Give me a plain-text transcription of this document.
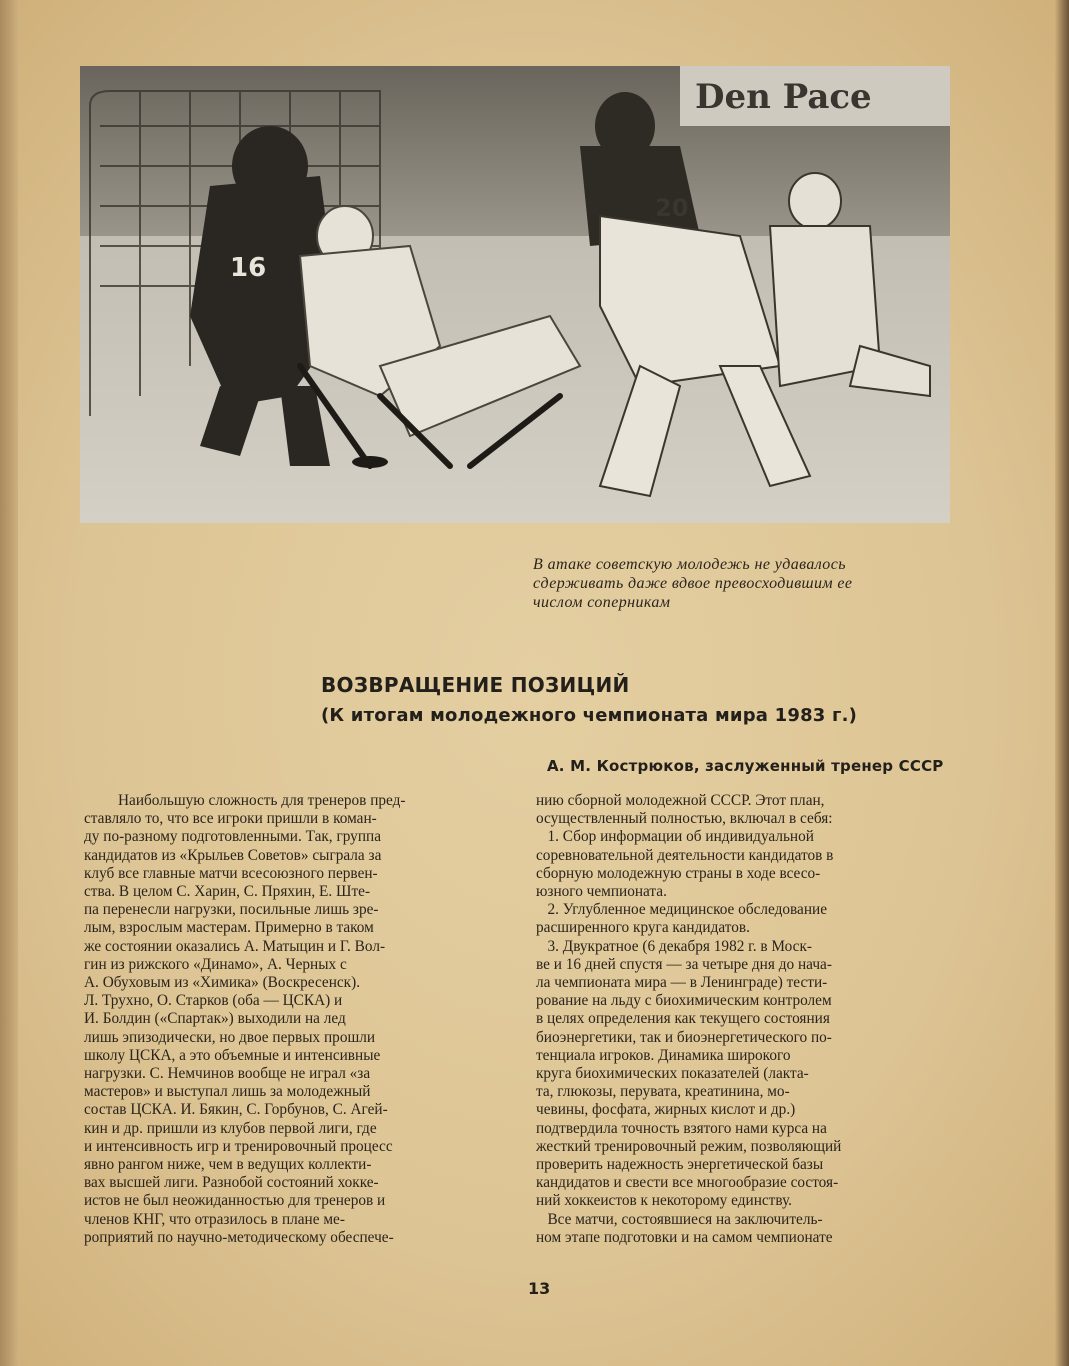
Den Pace
16
20
В атаке советскую молодежь не удавалось
сдерживать даже вдвое превосходившим ее
числом соперникам
ВОЗВРАЩЕНИЕ ПОЗИЦИЙ
(К итогам молодежного чемпионата мира 1983 г.)
А. М. Кострюков, заслуженный тренер СССР
Наибольшую сложность для тренеров пред-
ставляло то, что все игроки пришли в коман-
ду по-разному подготовленными. Так, группа
кандидатов из «Крыльев Советов» сыграла за
клуб все главные матчи всесоюзного первен-
ства. В целом С. Харин, С. Пряхин, Е. Ште-
па перенесли нагрузки, посильные лишь зре-
лым, взрослым мастерам. Примерно в таком
же состоянии оказались А. Матыцин и Г. Вол-
гин из рижского «Динамо», А. Черных с
А. Обуховым из «Химика» (Воскресенск).
Л. Трухно, О. Старков (оба — ЦСКА) и
И. Болдин («Спартак») выходили на лед
лишь эпизодически, но двое первых прошли
школу ЦСКА, а это объемные и интенсивные
нагрузки. С. Немчинов вообще не играл «за
мастеров» и выступал лишь за молодежный
состав ЦСКА. И. Бякин, С. Горбунов, С. Агей-
кин и др. пришли из клубов первой лиги, где
и интенсивность игр и тренировочный процесс
явно рангом ниже, чем в ведущих коллекти-
вах высшей лиги. Разнобой состояний хокке-
истов не был неожиданностью для тренеров и
членов КНГ, что отразилось в плане ме-
роприятий по научно-методическому обеспече-
нию сборной молодежной СССР. Этот план,
осуществленный полностью, включал в себя:
1. Сбор информации об индивидуальной
соревновательной деятельности кандидатов в
сборную молодежную страны в ходе всесо-
юзного чемпионата.
2. Углубленное медицинское обследование
расширенного круга кандидатов.
3. Двукратное (6 декабря 1982 г. в Моск-
ве и 16 дней спустя — за четыре дня до нача-
ла чемпионата мира — в Ленинграде) тести-
рование на льду с биохимическим контролем
в целях определения как текущего состояния
биоэнергетики, так и биоэнергетического по-
тенциала игроков. Динамика широкого
круга биохимических показателей (лакта-
та, глюкозы, перувата, креатинина, мо-
чевины, фосфата, жирных кислот и др.)
подтвердила точность взятого нами курса на
жесткий тренировочный режим, позволяющий
проверить надежность энергетической базы
кандидатов и свести все многообразие состоя-
ний хоккеистов к некоторому единству.
Все матчи, состоявшиеся на заключитель-
ном этапе подготовки и на самом чемпионате
13
